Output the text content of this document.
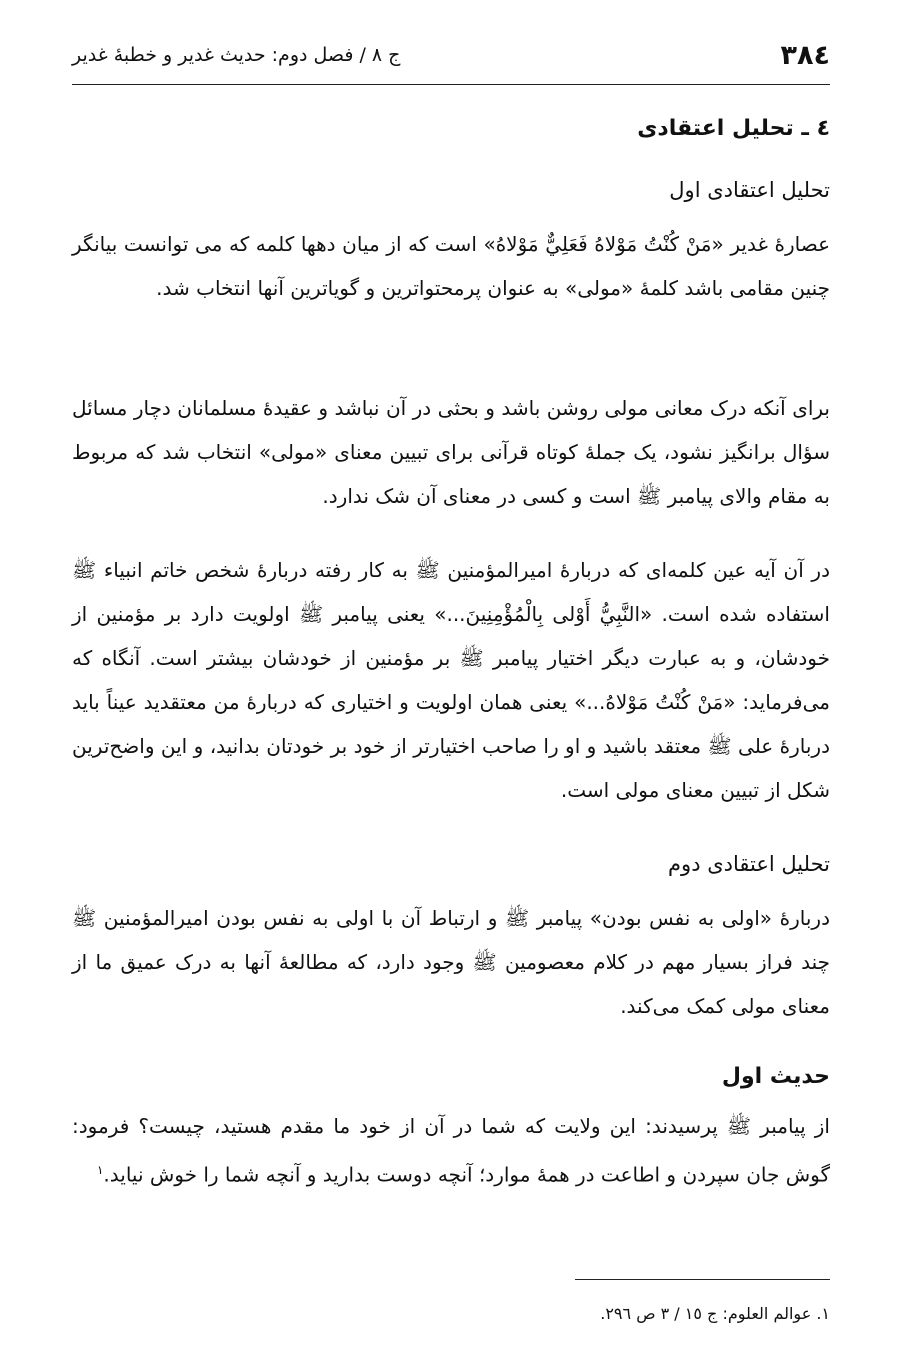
٣٨٤
ج ٨ / فصل دوم: حدیث غدیر و خطبهٔ غدیر
٤ ـ تحلیل اعتقادی
تحلیل اعتقادی اول

عصارهٔ غدیر «مَنْ كُنْتُ مَوْلاهُ فَعَلِيٌّ مَوْلاهُ» است که از میان دهها کلمه که می توانست بیانگر چنین مقامی باشد کلمهٔ «مولی» به عنوان پرمحتواترین و گویاترین آنها انتخاب شد.

برای آنکه درک معانی مولی روشن باشد و بحثی در آن نباشد و عقیدهٔ مسلمانان دچار مسائل سؤال برانگیز نشود، یک جملهٔ کوتاه قرآنی برای تبیین معنای «مولی» انتخاب شد که مربوط به مقام والای پیامبر ﷺ است و کسی در معنای آن شک ندارد.

در آن آیه عین کلمه‌ای که دربارهٔ امیرالمؤمنین ﷺ به کار رفته دربارهٔ شخص خاتم انبیاء ﷺ استفاده شده است. «النَّبِيُّ أَوْلى بِالْمُؤْمِنِينَ...» یعنی پیامبر ﷺ اولویت دارد بر مؤمنین از خودشان، و به عبارت دیگر اختیار پیامبر ﷺ بر مؤمنین از خودشان بیشتر است. آنگاه که می‌فرماید: «مَنْ كُنْتُ مَوْلاهُ...» یعنی همان اولویت و اختیاری که دربارهٔ من معتقدید عیناً باید دربارهٔ علی ﷺ معتقد باشید و او را صاحب اختیارتر از خود بر خودتان بدانید، و این واضح‌ترین شکل از تبیین معنای مولی است.

تحلیل اعتقادی دوم

دربارهٔ «اولی به نفس بودن» پیامبر ﷺ و ارتباط آن با اولی به نفس بودن امیرالمؤمنین ﷺ چند فراز بسیار مهم در کلام معصومین ﷺ وجود دارد، که مطالعهٔ آنها به درک عمیق ما از معنای مولی کمک می‌کند.

حدیث اول

از پیامبر ﷺ پرسیدند: این ولایت که شما در آن از خود ما مقدم هستید، چیست؟ فرمود: گوش جان سپردن و اطاعت در همهٔ موارد؛ آنچه دوست بدارید و آنچه شما را خوش نیاید.$^١$

١. عوالم العلوم: ج ١٥ / ٣ ص ٢٩٦.
